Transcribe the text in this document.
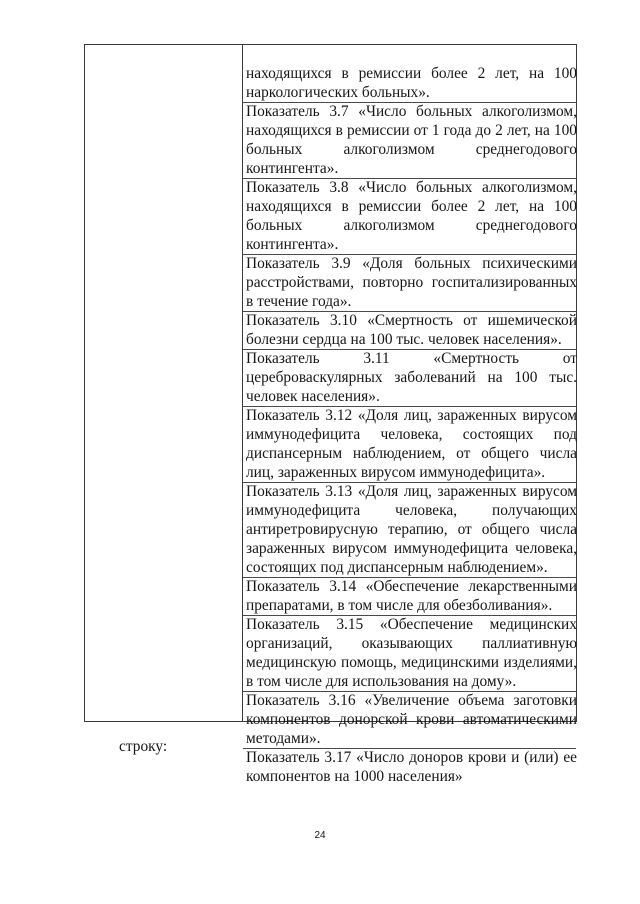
находящихся в ремиссии более 2 лет, на 100
наркологических больных».
Показатель 3.7 «Число больных алкоголизмом,
находящихся в ремиссии от 1 года до 2 лет, на 100
больных алкоголизмом среднегодового
контингента».
Показатель 3.8 «Число больных алкоголизмом,
находящихся в ремиссии более 2 лет, на 100
больных алкоголизмом среднегодового
контингента».
Показатель 3.9 «Доля больных психическими
расстройствами, повторно госпитализированных
в течение года».
Показатель 3.10 «Смертность от ишемической
болезни сердца на 100 тыс. человек населения».
Показатель 3.11 «Смертность от
цереброваскулярных заболеваний на 100 тыс.
человек населения».
Показатель 3.12 «Доля лиц, зараженных вирусом
иммунодефицита человека, состоящих под
диспансерным наблюдением, от общего числа
лиц, зараженных вирусом иммунодефицита».
Показатель 3.13 «Доля лиц, зараженных вирусом
иммунодефицита человека, получающих
антиретровирусную терапию, от общего числа
зараженных вирусом иммунодефицита человека,
состоящих под диспансерным наблюдением».
Показатель 3.14 «Обеспечение лекарственными
препаратами, в том числе для обезболивания».
Показатель 3.15 «Обеспечение медицинских
организаций, оказывающих паллиативную
медицинскую помощь, медицинскими изделиями,
в том числе для использования на дому».
Показатель 3.16 «Увеличение объема заготовки
компонентов донорской крови автоматическими
методами».
Показатель 3.17 «Число доноров крови и (или) ее
компонентов на 1000 населения»
строку:
24
